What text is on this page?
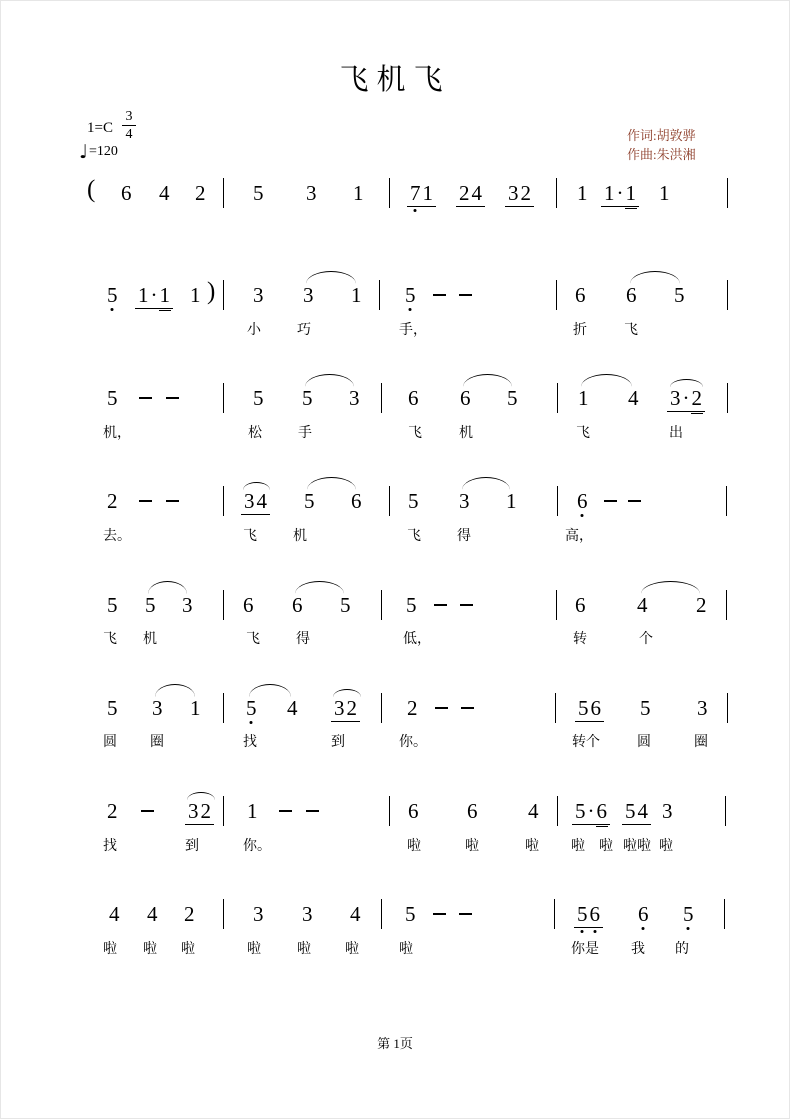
飞机飞
1=C
3
4
♩ =120
作词:胡敦骅
作曲:朱洪湘
( 6 4 2 5 3 1 71 24 32 1 1·1 1
5 1·1 1 ) 3 3 1 5	6 6 5
小	巧	手，	折	飞
5	5 5 3 6 6 5	1 4 3·2
机，	松	手	飞	机	飞	出
2	34 5 6 5 3 1	6
去。	飞	机	飞	得	高，
5 5 3 6 6 5	5	6 4 2
飞 机	飞	得	低，	转	个
5 3 1 5 4 32 2	56 5 3
圆 圈	找	到	你。	转个	圆	圈
2	32 1	6 6 4 5·6 54 3
找	到	你。	啦	啦	啦 啦 啦 啦啦 啦
4 4 2	3 3 4 5	56 6 5
啦 啦 啦	啦	啦 啦	啦	你是 我 的
第 1页
